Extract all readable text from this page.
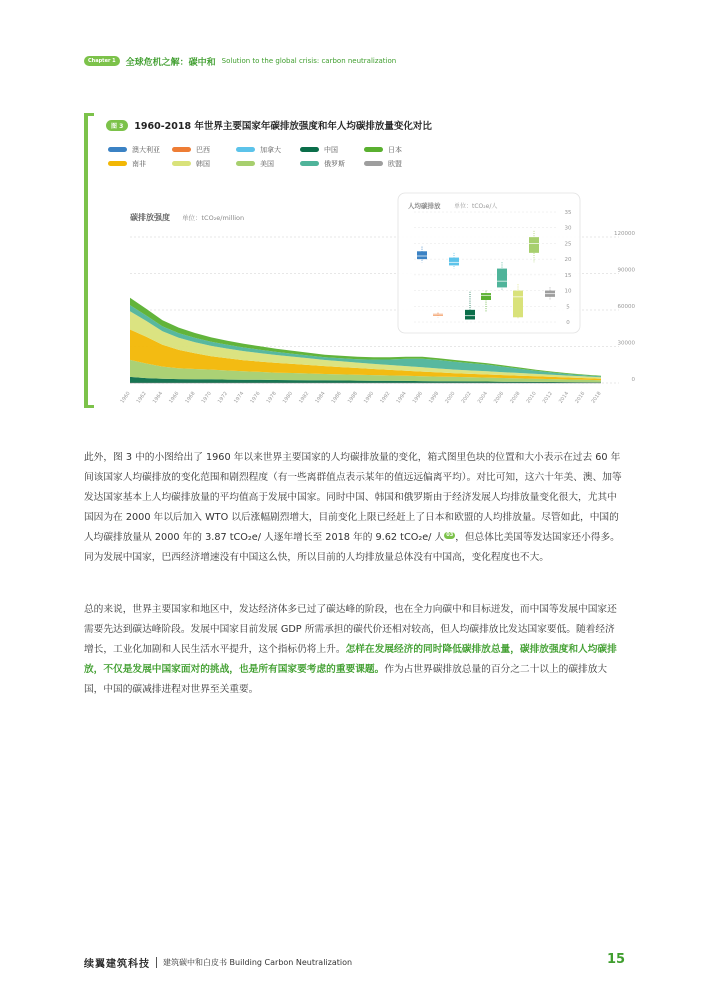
Chapter 1	全球危机之解：碳中和 Solution to the global crisis: carbon neutralization
图 3	1960-2018 年世界主要国家年碳排放强度和年人均碳排放量变化对比
澳大利亚	巴西	加拿大	中国	日本
南非	韩国	美国	俄罗斯	欧盟
0
30000
60000
90000
120000
碳排放强度 单位：tCO₂e/million
1960 1962 1964 1966 1968 1970 1972 1974 1976 1978 1980 1982 1984 1986 1988 1990 1992 1994 1996 1998 2000 2002 2004 2006 2008 2010 2012 2014 2016 2018
人均碳排放 单位：tCO₂e/人
0
5
10
15
20
25
30
35

此外，图 3 中的小图给出了 1960 年以来世界主要国家的人均碳排放量的变化，箱式图里色块的位置和大小表示在过去 60 年间该国家人均碳排放的变化范围和剧烈程度（有一些离群值点表示某年的值远远偏离平均）。对比可知，这六十年美、澳、加等发达国家基本上人均碳排放量的平均值高于发展中国家。同时中国、韩国和俄罗斯由于经济发展人均排放量变化很大，尤其中国因为在 2000 年以后加入 WTO 以后涨幅剧烈增大，目前变化上限已经赶上了日本和欧盟的人均排放量。尽管如此，中国的人均碳排放量从 2000 年的 3.87 tCO₂e/ 人逐年增长至 2018 年的 9.62 tCO₂e/ 人 03 ，但总体比美国等发达国家还小得多。同为发展中国家，巴西经济增速没有中国这么快，所以目前的人均排放量总体没有中国高，变化程度也不大。

总的来说，世界主要国家和地区中，发达经济体多已过了碳达峰的阶段，也在全力向碳中和目标迸发，而中国等发展中国家还需要先达到碳达峰阶段。发展中国家目前发展 GDP 所需承担的碳代价还相对较高，但人均碳排放比发达国家要低。随着经济增长，工业化加剧和人民生活水平提升，这个指标仍将上升。怎样在发展经济的同时降低碳排放总量，碳排放强度和人均碳排放，不仅是发展中国家面对的挑战，也是所有国家要考虑的重要课题。作为占世界碳排放总量的百分之二十以上的碳排放大国，中国的碳减排进程对世界至关重要。

续翼建筑科技 建筑碳中和白皮书 Building Carbon Neutralization	15
